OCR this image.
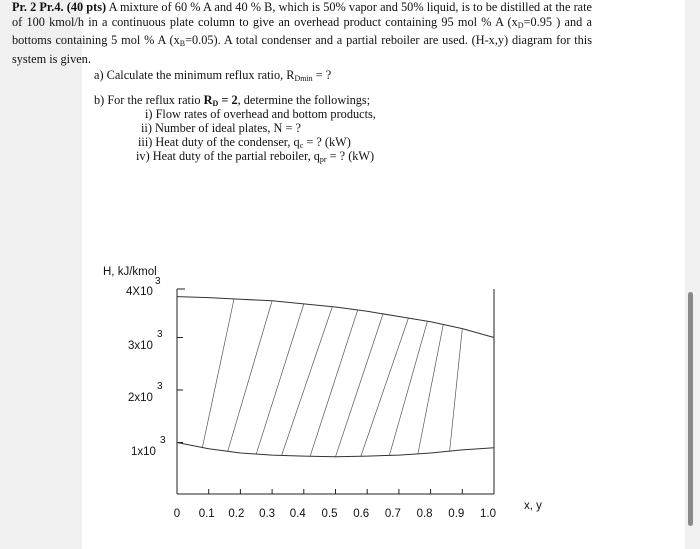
Pr. 2 Pr.4. (40 pts) A mixture of 60 % A and 40 % B, which is 50% vapor and 50% liquid, is to be distilled at the rate of 100 kmol/h in a continuous plate column to give an overhead product containing 95 mol % A ($x_D=0.95$ ) and a bottoms containing 5 mol % A $(x_B=0.05)$. A total condenser and a partial reboiler are used. (H-x,y) diagram for this system is given.
a) Calculate the minimum reflux ratio, $R_{Dmin}$ = ?
b) For the reflux ratio $R_D = 2$, determine the followings;
i) Flow rates of overhead and bottom products,
ii) Number of ideal plates, N = ?
iii) Heat duty of the condenser, $q_c$ = ? (kW)
iv) Heat duty of the partial reboiler, $q_{pr}$ = ? (kW)
H, kJ/kmol
4X10
3
3x10
3
2x10
3
1x10
3
0 0.1 0.2 0.3 0.4 0.5 0.6 0.7 0.8 0.9 1.0
x, y
